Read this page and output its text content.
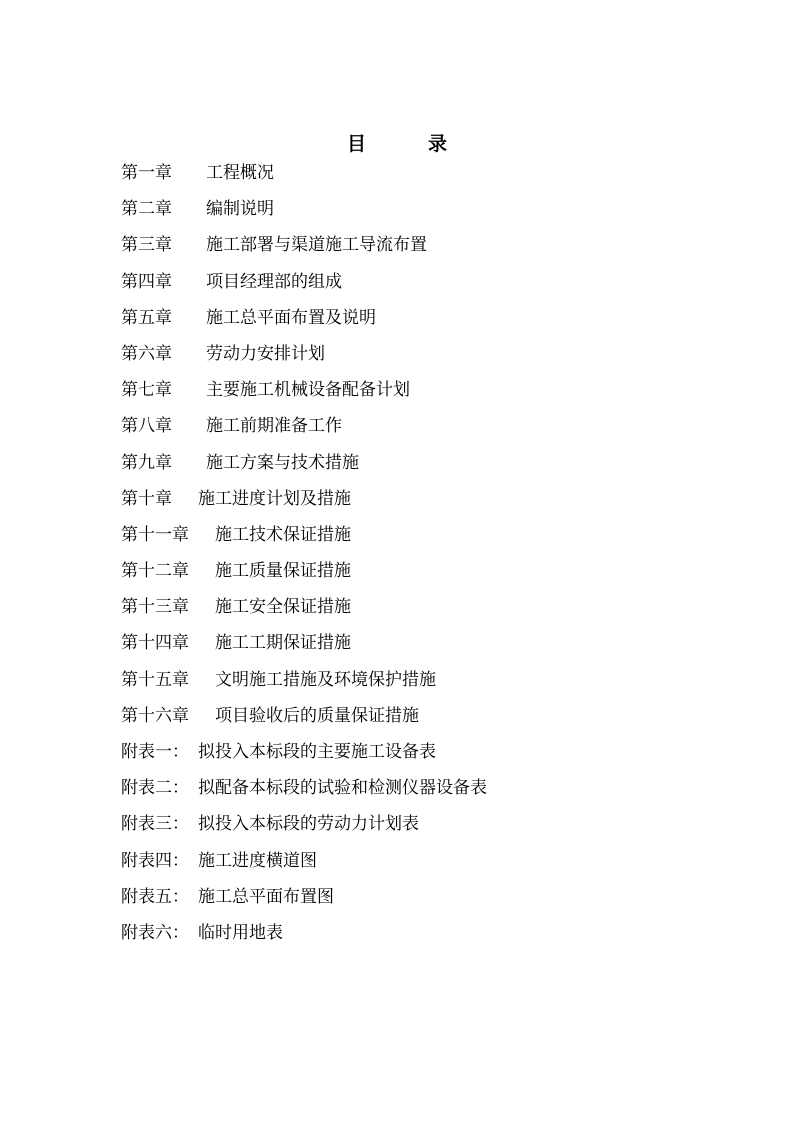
目	录
第一章 工程概况
第二章 编制说明
第三章 施工部署与渠道施工导流布置
第四章 项目经理部的组成
第五章 施工总平面布置及说明
第六章 劳动力安排计划
第七章 主要施工机械设备配备计划
第八章 施工前期准备工作
第九章 施工方案与技术措施
第十章 施工进度计划及措施
第十一章 施工技术保证措施
第十二章 施工质量保证措施
第十三章 施工安全保证措施
第十四章 施工工期保证措施
第十五章 文明施工措施及环境保护措施
第十六章 项目验收后的质量保证措施
附表一： 拟投入本标段的主要施工设备表
附表二： 拟配备本标段的试验和检测仪器设备表
附表三： 拟投入本标段的劳动力计划表
附表四： 施工进度横道图
附表五： 施工总平面布置图
附表六： 临时用地表
